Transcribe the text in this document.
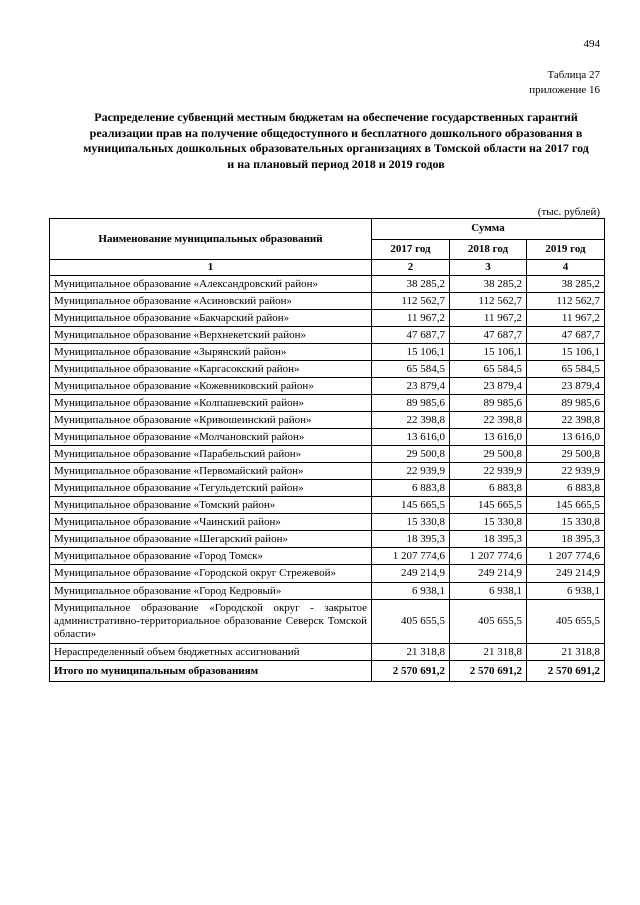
494
Таблица 27
приложение 16
Распределение субвенций местным бюджетам на обеспечение государственных гарантий реализации прав на получение общедоступного и бесплатного дошкольного образования в муниципальных дошкольных образовательных организациях в Томской области на 2017 год и на плановый период 2018 и 2019 годов
(тыс. рублей)
Наименование муниципальных образований	Сумма		
	2017 год	2018 год	2019 год
1	2	3	4
Муниципальное образование «Александровский район»	38 285,2	38 285,2	38 285,2
Муниципальное образование «Асиновский район»	112 562,7	112 562,7	112 562,7
Муниципальное образование «Бакчарский район»	11 967,2	11 967,2	11 967,2
Муниципальное образование «Верхнекетский район»	47 687,7	47 687,7	47 687,7
Муниципальное образование «Зырянский район»	15 106,1	15 106,1	15 106,1
Муниципальное образование «Каргасокский район»	65 584,5	65 584,5	65 584,5
Муниципальное образование «Кожевниковский район»	23 879,4	23 879,4	23 879,4
Муниципальное образование «Колпашевский район»	89 985,6	89 985,6	89 985,6
Муниципальное образование «Кривошеинский район»	22 398,8	22 398,8	22 398,8
Муниципальное образование «Молчановский район»	13 616,0	13 616,0	13 616,0
Муниципальное образование «Парабельский район»	29 500,8	29 500,8	29 500,8
Муниципальное образование «Первомайский район»	22 939,9	22 939,9	22 939,9
Муниципальное образование «Тегульдетский район»	6 883,8	6 883,8	6 883,8
Муниципальное образование «Томский район»	145 665,5	145 665,5	145 665,5
Муниципальное образование «Чаинский район»	15 330,8	15 330,8	15 330,8
Муниципальное образование «Шегарский район»	18 395,3	18 395,3	18 395,3
Муниципальное образование «Город Томск»	1 207 774,6	1 207 774,6	1 207 774,6
Муниципальное образование «Городской округ Стрежевой»	249 214,9	249 214,9	249 214,9
Муниципальное образование «Город Кедровый»	6 938,1	6 938,1	6 938,1
Муниципальное образование «Городской округ - закрытое административно-территориальное образование Северск Томской области»	405 655,5	405 655,5	405 655,5
Нераспределенный объем бюджетных ассигнований	21 318,8	21 318,8	21 318,8
Итого по муниципальным образованиям	2 570 691,2	2 570 691,2	2 570 691,2
